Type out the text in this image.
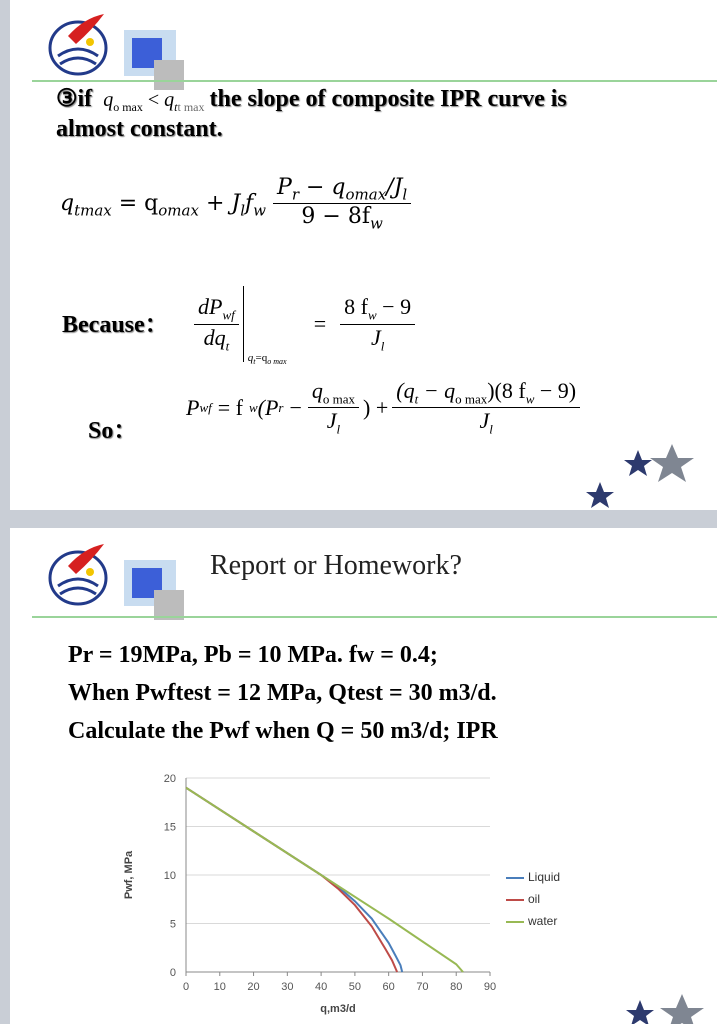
③if $q_{o max} < q_{tt max}$ the slope of composite IPR curve is
almost constant.
$q_{tmax} = q_{omax} + J_lf_w \frac{P_r - q_{omax}/J_l}{9 - 8f_w}$
Because： $\frac{dP_{wf}}{dq_t}$
$q_t=q_{o max}$
= $\frac{8 f_w - 9}{J_l}$
So：
P wf = f w (P $r - \frac{q_{o max}}{J_l}$ ) + $\frac{(q_t - q_{o max})(8 f_w - 9)}{J_l}$
Report or Homework?
Pr = 19MPa, Pb = 10 MPa. fw = 0.4;
When Pwftest = 12 MPa, Qtest = 30 m3/d.
Calculate the Pwf when Q = 50 m3/d; IPR
0
5
10
15
20
0 10 20 30 40 50 60 70 80 90
q,m3/d
Pwf, MPa	Liquid
oil
water
